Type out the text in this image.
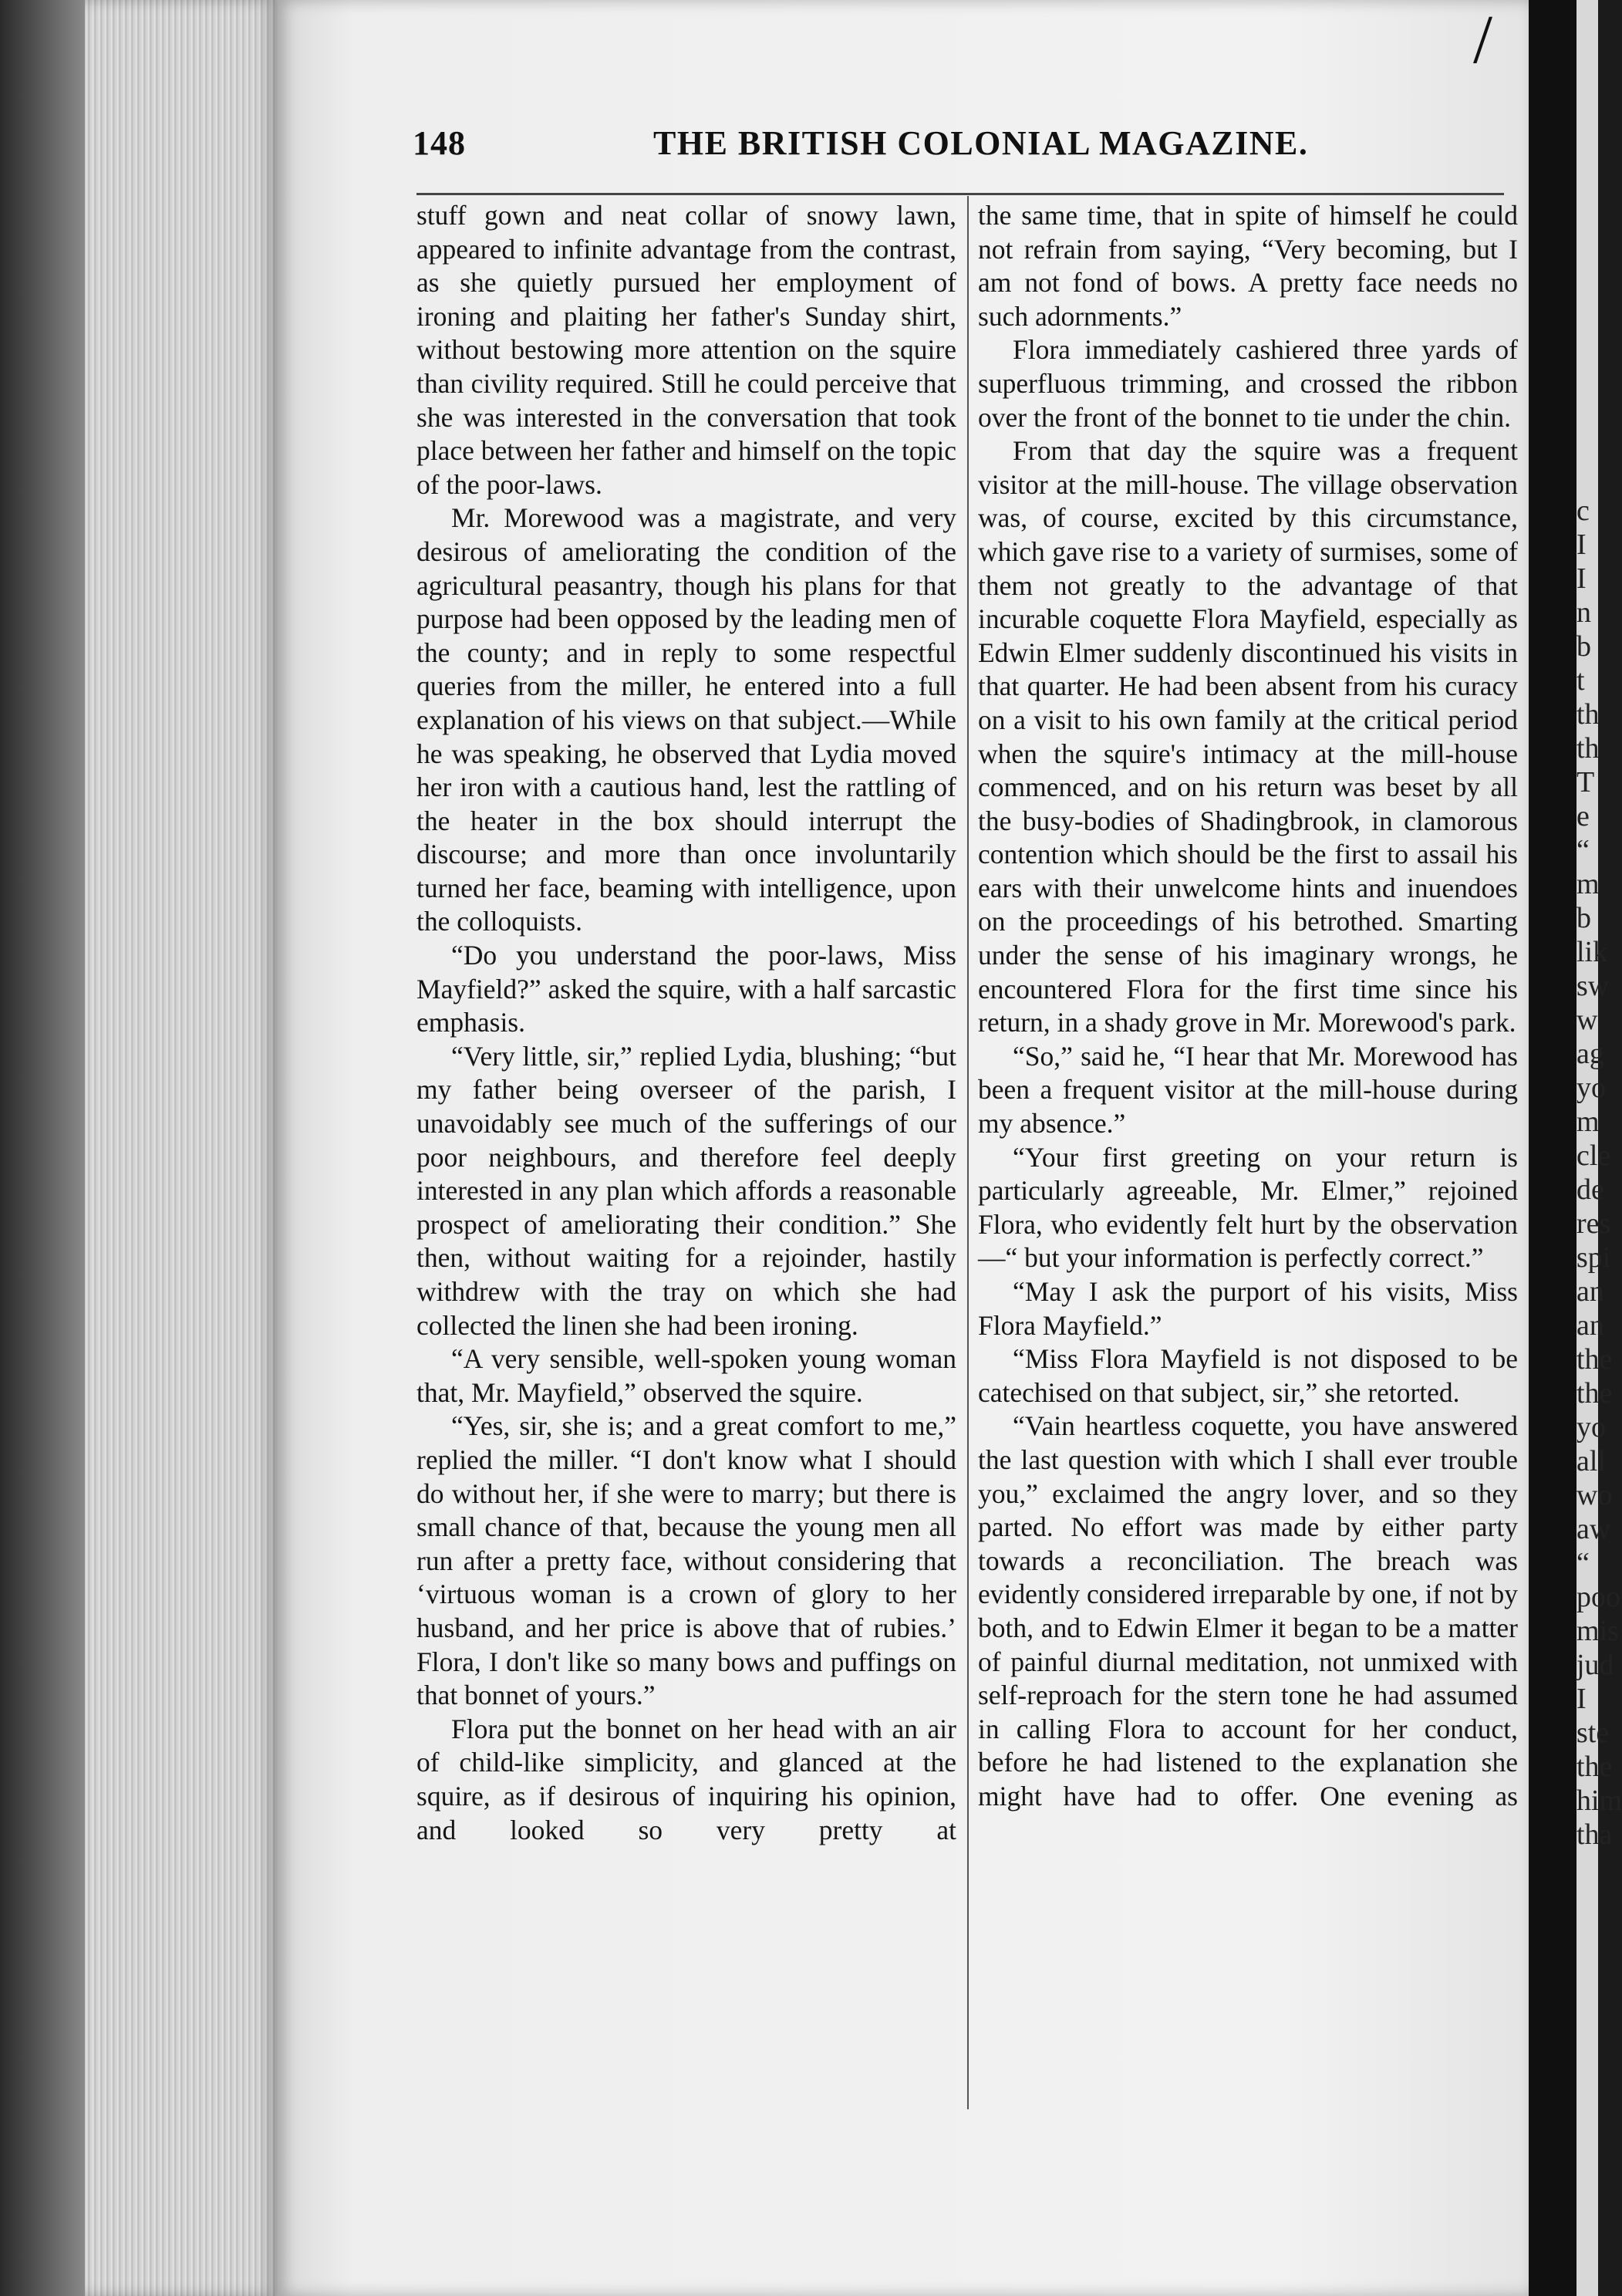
c
I
I
n
b
t
th
th
T
e
“
m
b
lik
sw
w
ag
yo
m
cle
de
res
spi
an
an
the
the
yo
all
wo
aw
“
poo
mis
jud
I
ste
the
him
tha
/
148	THE BRITISH COLONIAL MAGAZINE.

stuff gown and neat collar of snowy lawn, appeared to infinite advantage from the contrast, as she quietly pursued her employment of ironing and plaiting her father's Sunday shirt, without bestowing more attention on the squire than civility required. Still he could perceive that she was interested in the conversation that took place between her father and himself on the topic of the poor-laws.

Mr. Morewood was a magistrate, and very desirous of ameliorating the condition of the agricultural peasantry, though his plans for that purpose had been opposed by the leading men of the county; and in reply to some respectful queries from the miller, he entered into a full explanation of his views on that subject.—While he was speaking, he observed that Lydia moved her iron with a cautious hand, lest the rattling of the heater in the box should interrupt the discourse; and more than once involuntarily turned her face, beaming with intelligence, upon the colloquists.

“Do you understand the poor-laws, Miss Mayfield?” asked the squire, with a half sarcastic emphasis.

“Very little, sir,” replied Lydia, blushing; “but my father being overseer of the parish, I unavoidably see much of the sufferings of our poor neighbours, and therefore feel deeply interested in any plan which affords a reasonable prospect of ameliorating their condition.” She then, without waiting for a rejoinder, hastily withdrew with the tray on which she had collected the linen she had been ironing.

“A very sensible, well-spoken young woman that, Mr. Mayfield,” observed the squire.

“Yes, sir, she is; and a great comfort to me,” replied the miller. “I don't know what I should do without her, if she were to marry; but there is small chance of that, because the young men all run after a pretty face, without considering that ‘virtuous woman is a crown of glory to her husband, and her price is above that of rubies.’ Flora, I don't like so many bows and puffings on that bonnet of yours.”

Flora put the bonnet on her head with an air of child-like simplicity, and glanced at the squire, as if desirous of inquiring his opinion, and looked so very pretty at

the same time, that in spite of himself he could not refrain from saying, “Very becoming, but I am not fond of bows. A pretty face needs no such adornments.”

Flora immediately cashiered three yards of superfluous trimming, and crossed the ribbon over the front of the bonnet to tie under the chin.

From that day the squire was a frequent visitor at the mill-house. The village observation was, of course, excited by this circumstance, which gave rise to a variety of surmises, some of them not greatly to the advantage of that incurable coquette Flora Mayfield, especially as Edwin Elmer suddenly discontinued his visits in that quarter. He had been absent from his curacy on a visit to his own family at the critical period when the squire's intimacy at the mill-house commenced, and on his return was beset by all the busy-bodies of Shadingbrook, in clamorous contention which should be the first to assail his ears with their unwelcome hints and inuendoes on the proceedings of his betrothed. Smarting under the sense of his imaginary wrongs, he encountered Flora for the first time since his return, in a shady grove in Mr. Morewood's park.

“So,” said he, “I hear that Mr. Morewood has been a frequent visitor at the mill-house during my absence.”

“Your first greeting on your return is particularly agreeable, Mr. Elmer,” rejoined Flora, who evidently felt hurt by the observation—“ but your information is perfectly correct.”

“May I ask the purport of his visits, Miss Flora Mayfield.”

“Miss Flora Mayfield is not disposed to be catechised on that subject, sir,” she retorted.

“Vain heartless coquette, you have answered the last question with which I shall ever trouble you,” exclaimed the angry lover, and so they parted. No effort was made by either party towards a reconciliation. The breach was evidently considered irreparable by one, if not by both, and to Edwin Elmer it began to be a matter of painful diurnal meditation, not unmixed with self-reproach for the stern tone he had assumed in calling Flora to account for her conduct, before he had listened to the explanation she might have had to offer. One evening as
